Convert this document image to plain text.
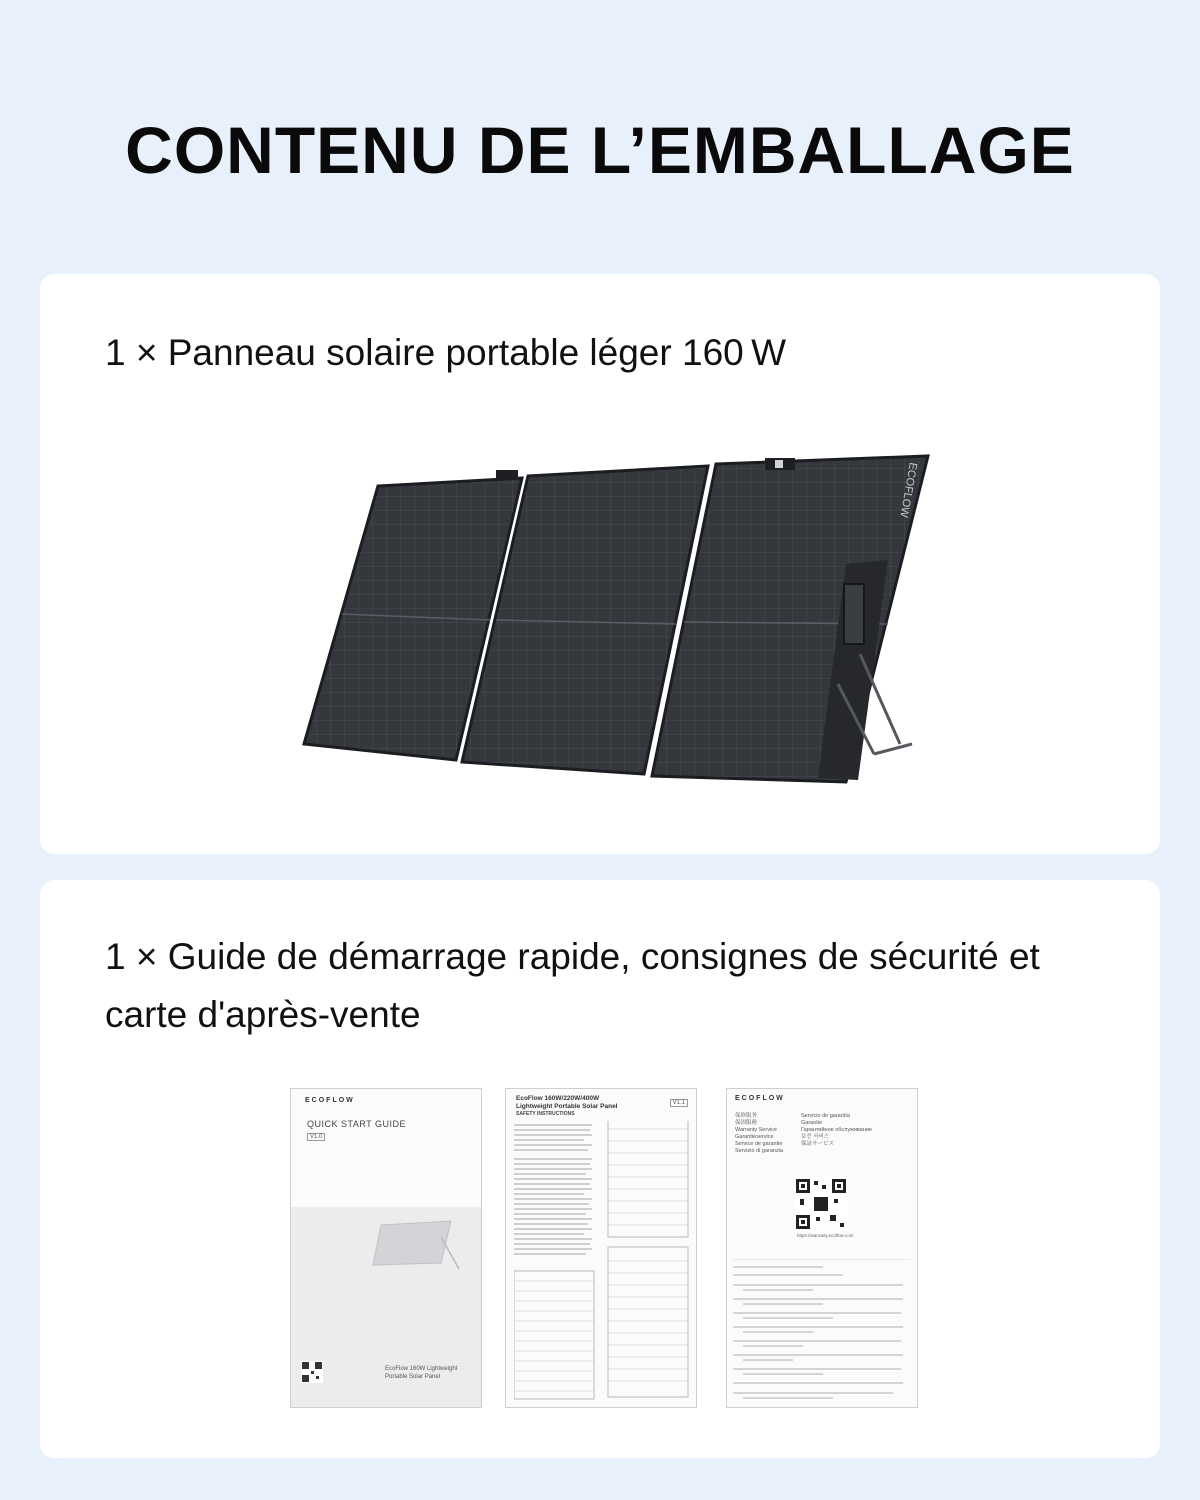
CONTENU DE L’EMBALLAGE
1 × Panneau solaire portable léger 160 W
ECOFLOW
1 × Guide de démarrage rapide, consignes de sécurité et carte d'après-vente
ECOFLOW
QUICK START GUIDE
V1.0
EcoFlow 160W Lightweight Portable Solar Panel
EcoFlow 160W/220W/400W Lightweight Portable Solar Panel	V1.1
SAFETY INSTRUCTIONS
ECOFLOW
保修服务
保固服務
Warranty Service
Garantieservice
Service de garantie
Servizio di garanzia
Servicio de garantía
Garantie
Гарантийное обслуживание
보증 서비스
保証サービス
https://warranty.ecoflow.com
